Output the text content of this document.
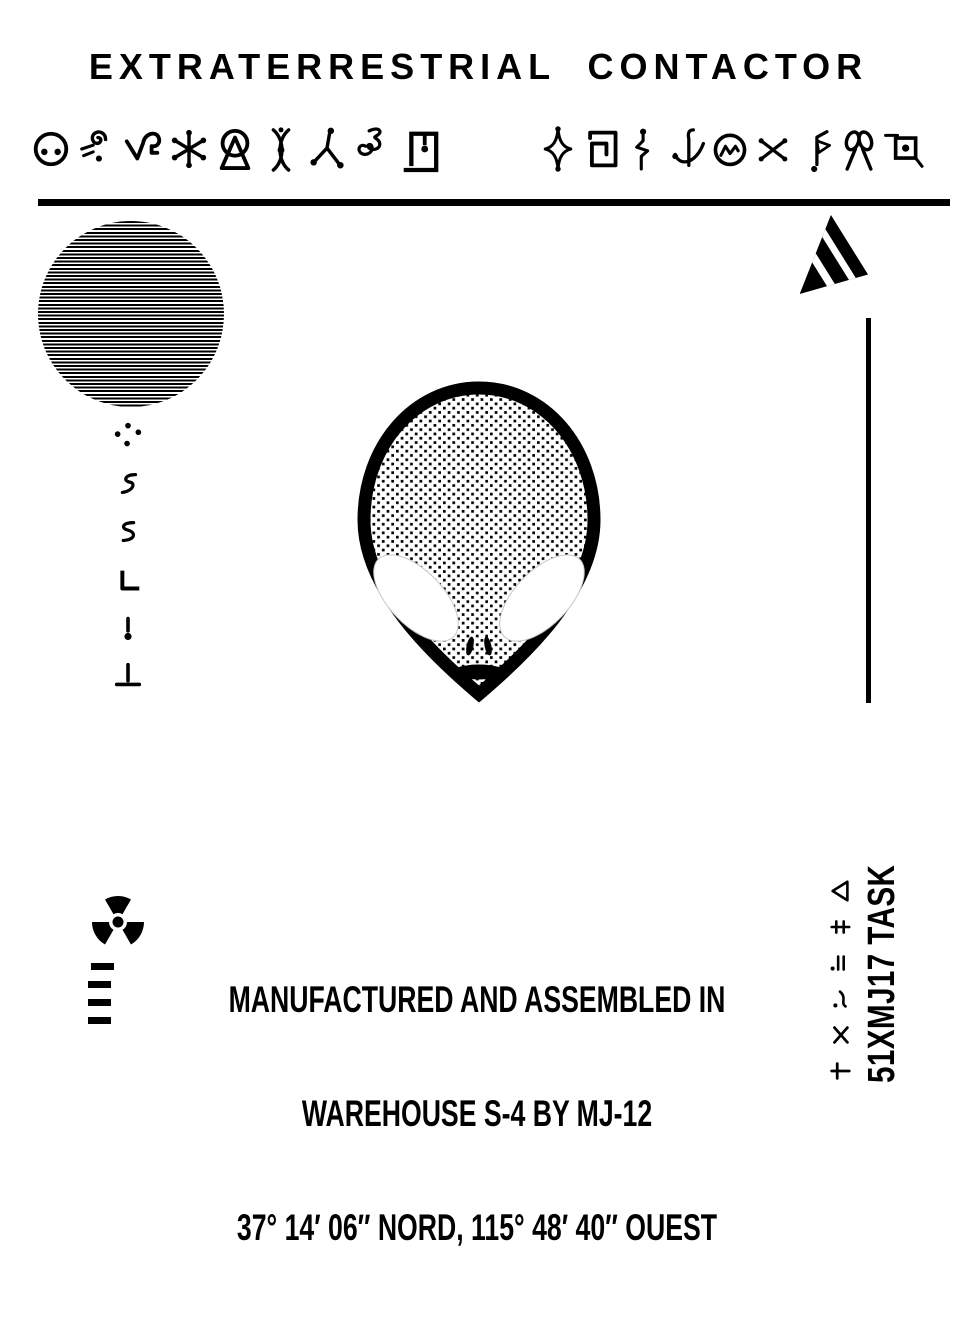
EXTRATERRESTRIAL  CONTACTOR

MANUFACTURED AND ASSEMBLED IN

WAREHOUSE S-4 BY MJ-12

37° 14′ 06″ NORD, 115° 48′ 40″ OUEST

51XMJ17 TASK
